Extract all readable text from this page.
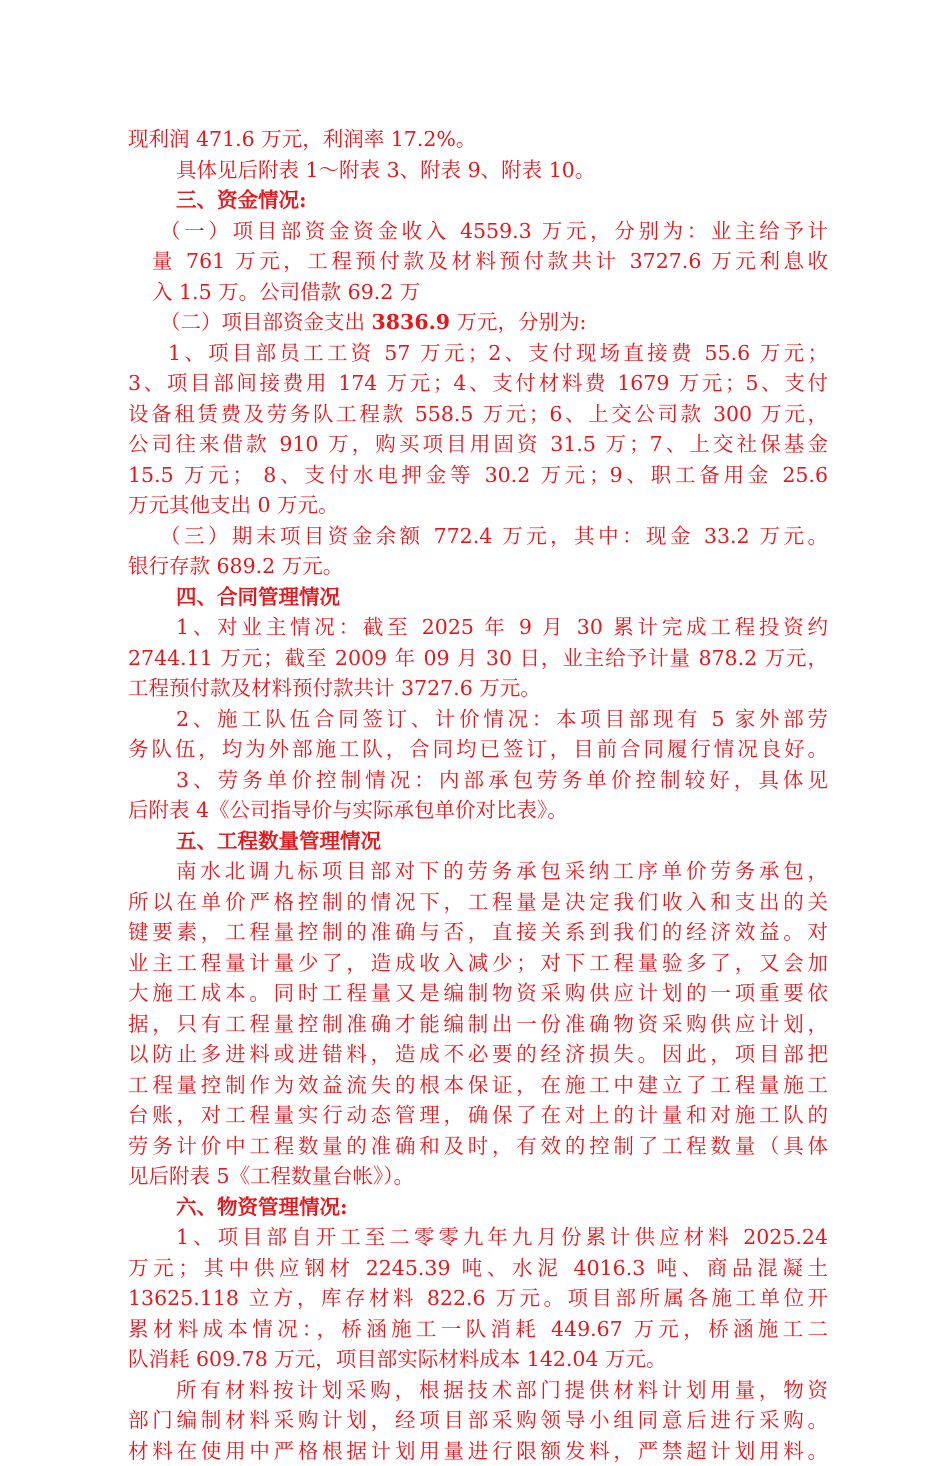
现利润 471.6 万元，利润率 17.2%。
具体见后附表 1～附表 3、附表 9、附表 10。
三、资金情况:
（一）项目部资金资金收入 4559.3 万元，分别为：业主给予计
量 761 万元，工程预付款及材料预付款共计 3727.6 万元利息收
入 1.5 万。公司借款 69.2 万
（二）项目部资金支出 3836.9 万元，分别为:
1、项目部员工工资 57 万元；2、支付现场直接费 55.6 万元；
3、项目部间接费用 174 万元；4、支付材料费 1679 万元；5、支付
设备租赁费及劳务队工程款 558.5 万元；6、上交公司款 300 万元，
公司往来借款 910 万，购买项目用固资 31.5 万；7、上交社保基金
15.5 万元； 8、支付水电押金等 30.2 万元；9、职工备用金 25.6
万元其他支出 0 万元。
（三）期末项目资金余额 772.4 万元，其中：现金 33.2 万元。
银行存款 689.2 万元。
四、合同管理情况
1、对业主情况：截至 2025 年 9 月 30 累计完成工程投资约
2744.11 万元；截至 2009 年 09 月 30 日，业主给予计量 878.2 万元，
工程预付款及材料预付款共计 3727.6 万元。
2、施工队伍合同签订、计价情况：本项目部现有 5 家外部劳
务队伍，均为外部施工队，合同均已签订，目前合同履行情况良好。
3、劳务单价控制情况：内部承包劳务单价控制较好，具体见
后附表 4《公司指导价与实际承包单价对比表》。
五、工程数量管理情况
南水北调九标项目部对下的劳务承包采纳工序单价劳务承包，
所以在单价严格控制的情况下，工程量是决定我们收入和支出的关
键要素，工程量控制的准确与否，直接关系到我们的经济效益。对
业主工程量计量少了，造成收入减少；对下工程量验多了，又会加
大施工成本。同时工程量又是编制物资采购供应计划的一项重要依
据，只有工程量控制准确才能编制出一份准确物资采购供应计划，
以防止多进料或进错料，造成不必要的经济损失。因此，项目部把
工程量控制作为效益流失的根本保证，在施工中建立了工程量施工
台账，对工程量实行动态管理，确保了在对上的计量和对施工队的
劳务计价中工程数量的准确和及时，有效的控制了工程数量（具体
见后附表 5《工程数量台帐》）。
六、物资管理情况:
1、项目部自开工至二零零九年九月份累计供应材料 2025.24
万元；其中供应钢材 2245.39 吨、水泥 4016.3 吨、商品混凝土
13625.118 立方，库存材料 822.6 万元。项目部所属各施工单位开
累材料成本情况：，桥涵施工一队消耗 449.67 万元，桥涵施工二
队消耗 609.78 万元，项目部实际材料成本 142.04 万元。
所有材料按计划采购，根据技术部门提供材料计划用量，物资
部门编制材料采购计划，经项目部采购领导小组同意后进行采购。
材料在使用中严格根据计划用量进行限额发料，严禁超计划用料。
